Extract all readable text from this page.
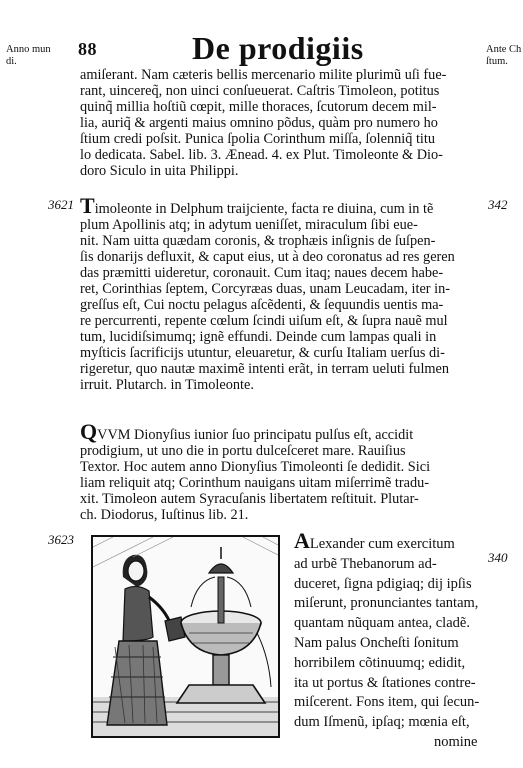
Anno mun
di.
88	De prodigiis	Ante Ch
ſtum.
amiſerant. Nam cæteris bellis mercenario milite plurimũ uſi fue-
rant, uincereq̃, non uinci conſueuerat. Caſtris Timoleon, potitus
quinq̃ millia hoſtiũ cœpit, mille thoraces, ſcutorum decem mil-
lia, auriq̃ & argenti maius omnino põdus, quàm pro numero ho
ſtium credi poſsit. Punica ſpolia Corinthum miſſa, ſolenniq̃ titu
lo dedicata. Sabel. lib. 3. Ænead. 4. ex Plut. Timoleonte & Dio-
doro Siculo in uita Philippi.
3621	342
Timoleonte in Delphum traijciente, facta re diuina, cum in tẽ
plum Apollinis atq; in adytum ueniſſet, miraculum ſibi eue-
nit. Nam uitta quædam coronis, & trophæis inſignis de ſuſpen-
ſis donarijs defluxit, & caput eius, ut à deo coronatus ad res geren
das præmitti uideretur, coronauit. Cum itaq; naues decem habe-
ret, Corinthias ſeptem, Corcyræas duas, unam Leucadam, iter in-
greſſus eſt, Cui noctu pelagus aſcẽdenti, & ſequundis uentis ma-
re percurrenti, repente cœlum ſcindi uiſum eſt, & ſupra nauẽ mul
tum, lucidiſsimumq; ignẽ effundi. Deinde cum lampas quali in
myſticis ſacrificijs utuntur, eleuaretur, & curſu Italiam uerſus di-
rigeretur, quo nautæ maximẽ intenti erãt, in terram ueluti fulmen
irruit. Plutarch. in Timoleonte.
QVVM Dionyſius iunior ſuo principatu pulſus eſt, accidit
prodigium, ut uno die in portu dulceſceret mare. Rauiſius
Textor. Hoc autem anno Dionyſius Timoleonti ſe dedidit. Sici
liam reliquit atq; Corinthum nauigans uitam miſerrimẽ tradu-
xit. Timoleon autem Syracuſanis libertatem reſtituit. Plutar-
ch. Diodorus, Iuſtinus lib. 21.
3623
340
ALexander cum exercitum
ad urbẽ Thebanorum ad-
duceret, ſigna pdigiaq; dij ipſis
miſerunt, pronunciantes tantam,
quantam nũquam antea, cladẽ.
Nam palus Oncheſti ſonitum
horribilem cõtinuumq; edidit,
ita ut portus & ſtationes contre-
miſcerent. Fons item, qui ſecun-
dum Iſmenũ, ipſaq; mœnia eſt,
nomine
